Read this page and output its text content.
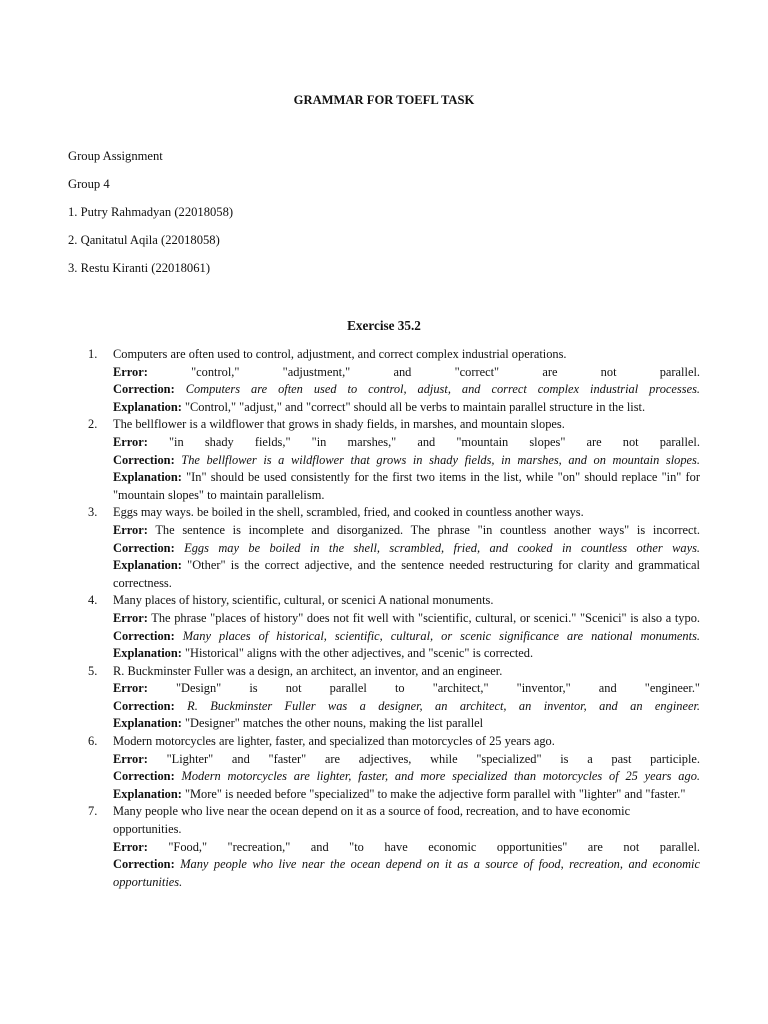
GRAMMAR FOR TOEFL TASK
Group Assignment
Group 4
1. Putry Rahmadyan (22018058)
2. Qanitatul Aqila (22018058)
3. Restu Kiranti (22018061)
Exercise 35.2
1. Computers are often used to control, adjustment, and correct complex industrial operations.
Error:	"control," "adjustment," and "correct" are not parallel.
Correction: Computers are often used to control, adjust, and correct complex industrial processes.
Explanation: "Control," "adjust," and "correct" should all be verbs to maintain parallel structure in the list.
2. The bellflower is a wildflower that grows in shady fields, in marshes, and mountain slopes.
Error: "in shady fields," "in marshes," and "mountain slopes" are not parallel.
Correction: The bellflower is a wildflower that grows in shady fields, in marshes, and on mountain slopes.
Explanation: "In" should be used consistently for the first two items in the list, while "on" should replace "in" for "mountain slopes" to maintain parallelism.
3. Eggs may ways. be boiled in the shell, scrambled, fried, and cooked in countless another ways.
Error: The sentence is incomplete and disorganized. The phrase "in countless another ways" is incorrect.
Correction: Eggs may be boiled in the shell, scrambled, fried, and cooked in countless other ways.
Explanation: "Other" is the correct adjective, and the sentence needed restructuring for clarity and grammatical correctness.
4. Many places of history, scientific, cultural, or scenici A national monuments.
Error: The phrase "places of history" does not fit well with "scientific, cultural, or scenici." "Scenici" is also a typo.
Correction: Many places of historical, scientific, cultural, or scenic significance are national monuments.
Explanation: "Historical" aligns with the other adjectives, and "scenic" is corrected.
5. R. Buckminster Fuller was a design, an architect, an inventor, and an engineer.
Error: "Design" is not parallel to "architect," "inventor," and "engineer."
Correction: R. Buckminster Fuller was a designer, an architect, an inventor, and an engineer.
Explanation: "Designer" matches the other nouns, making the list parallel
6. Modern motorcycles are lighter, faster, and specialized than motorcycles of 25 years ago.
Error: "Lighter" and "faster" are adjectives, while "specialized" is a past participle.
Correction: Modern motorcycles are lighter, faster, and more specialized than motorcycles of 25 years ago.
Explanation: "More" is needed before "specialized" to make the adjective form parallel with "lighter" and "faster."
7. Many people who live near the ocean depend on it as a source of food, recreation, and to have economic opportunities.
Error: "Food," "recreation," and "to have economic opportunities" are not parallel.
Correction: Many people who live near the ocean depend on it as a source of food, recreation, and economic opportunities.
